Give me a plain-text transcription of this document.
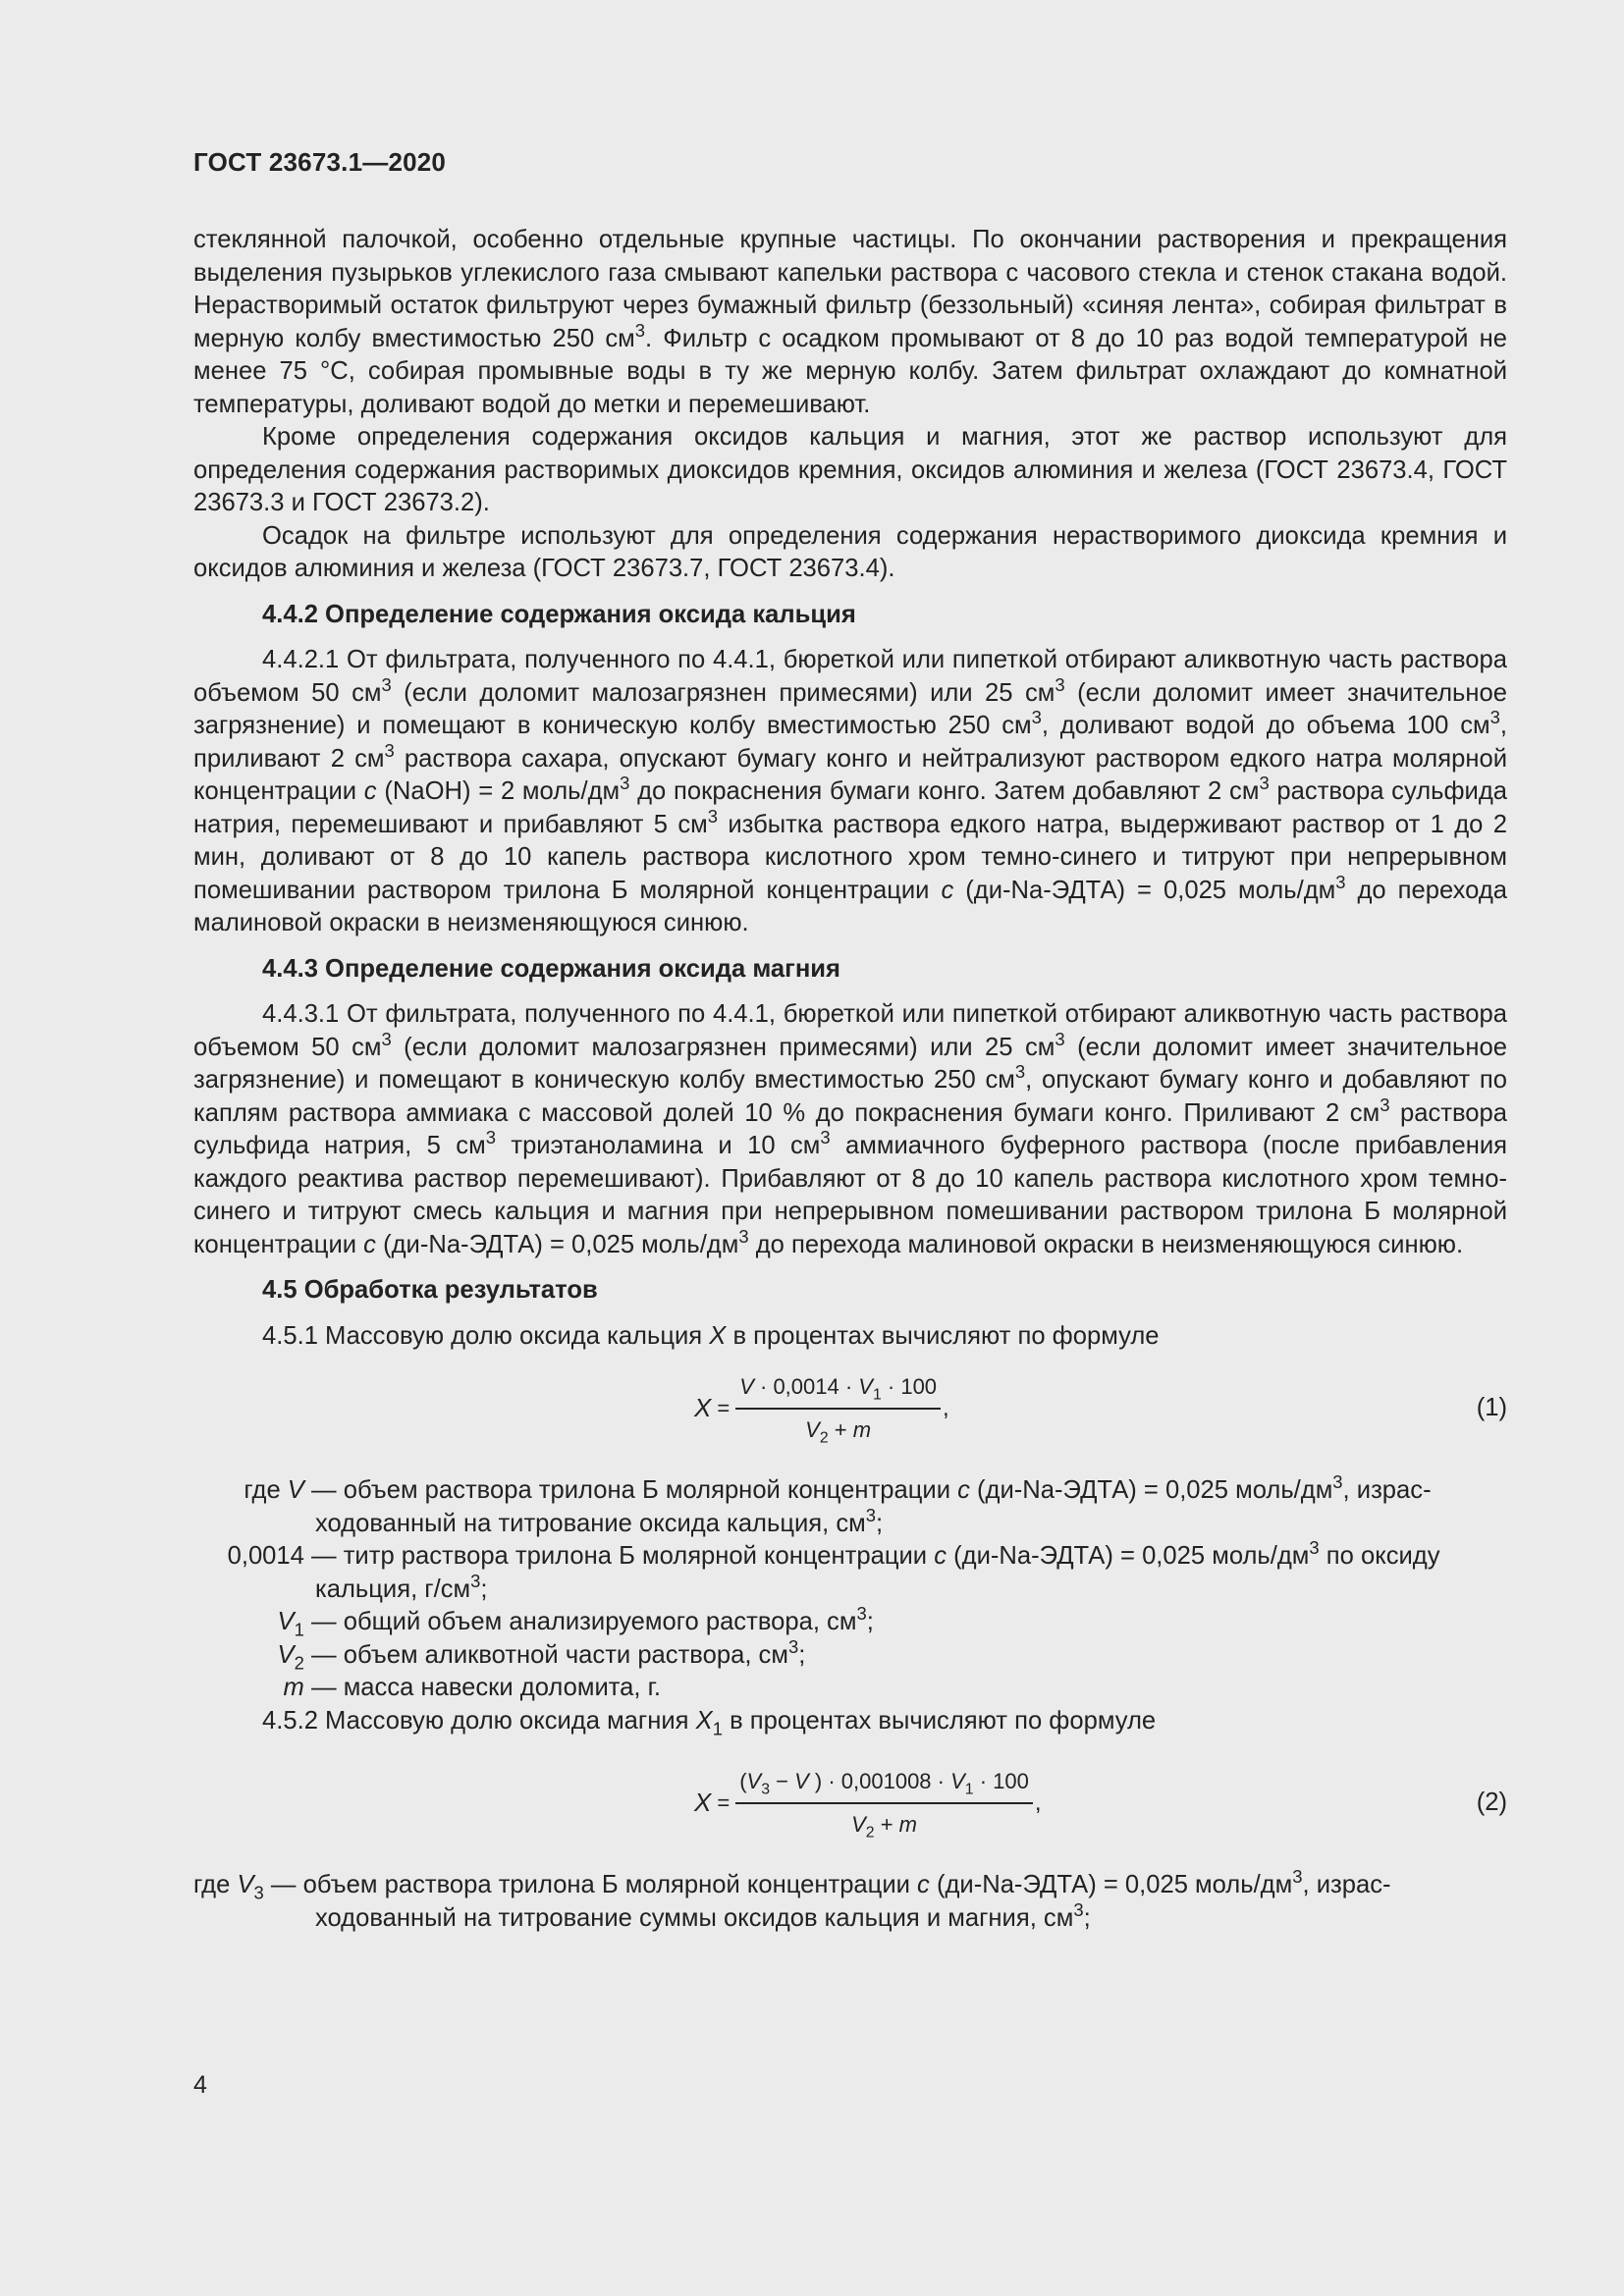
ГОСТ 23673.1—2020

стеклянной палочкой, особенно отдельные крупные частицы. По окончании растворения и прекращения выделения пузырьков углекислого газа смывают капельки раствора с часового стекла и стенок стакана водой. Нерастворимый остаток фильтруют через бумажный фильтр (беззольный) «синяя лента», собирая фильтрат в мерную колбу вместимостью 250 $см^3$. Фильтр с осадком промывают от 8 до 10 раз водой температурой не менее 75 °С, собирая промывные воды в ту же мерную колбу. Затем фильтрат охлаждают до комнатной температуры, доливают водой до метки и перемешивают.

Кроме определения содержания оксидов кальция и магния, этот же раствор используют для определения содержания растворимых диоксидов кремния, оксидов алюминия и железа (ГОСТ 23673.4, ГОСТ 23673.3 и ГОСТ 23673.2).

Осадок на фильтре используют для определения содержания нерастворимого диоксида кремния и оксидов алюминия и железа (ГОСТ 23673.7, ГОСТ 23673.4).

4.4.2 Определение содержания оксида кальция

4.4.2.1 От фильтрата, полученного по 4.4.1, бюреткой или пипеткой отбирают аликвотную часть раствора объемом 50 $см^3$ (если доломит малозагрязнен примесями) или 25 $см^3$ (если доломит имеет значительное загрязнение) и помещают в коническую колбу вместимостью 250 $см^3$, доливают водой до объема 100 $см^3$, приливают 2 $см^3$ раствора сахара, опускают бумагу конго и нейтрализуют раствором едкого натра молярной концентрации с (NaOH) = 2 моль/$дм^3$ до покраснения бумаги конго. Затем добавляют 2 $см^3$ раствора сульфида натрия, перемешивают и прибавляют 5 $см^3$ избытка раствора едкого натра, выдерживают раствор от 1 до 2 мин, доливают от 8 до 10 капель раствора кислотного хром темно-синего и титруют при непрерывном помешивании раствором трилона Б молярной концентрации с (ди-Na-ЭДТА) = 0,025 моль/$дм^3$ до перехода малиновой окраски в неизменяющуюся синюю.

4.4.3 Определение содержания оксида магния

4.4.3.1 От фильтрата, полученного по 4.4.1, бюреткой или пипеткой отбирают аликвотную часть раствора объемом 50 $см^3$ (если доломит малозагрязнен примесями) или 25 $см^3$ (если доломит имеет значительное загрязнение) и помещают в коническую колбу вместимостью 250 $см^3$, опускают бумагу конго и добавляют по каплям раствора аммиака с массовой долей 10 % до покраснения бумаги конго. Приливают 2 $см^3$ раствора сульфида натрия, 5 $см^3$ триэтаноламина и 10 $см^3$ аммиачного буферного раствора (после прибавления каждого реактива раствор перемешивают). Прибавляют от 8 до 10 капель раствора кислотного хром темно-синего и титруют смесь кальция и магния при непрерывном помешивании раствором трилона Б молярной концентрации с (ди-Na-ЭДТА) = 0,025 моль/$дм^3$ до перехода малиновой окраски в неизменяющуюся синюю.

4.5 Обработка результатов

4.5.1 Массовую долю оксида кальция X в процентах вычисляют по формуле

$X = \frac{V \cdot 0,0014 \cdot V_1 \cdot 100}{V_2 + m}$ ,	(1)
где V — объем раствора трилона Б молярной концентрации с (ди-Na-ЭДТА) = 0,025 моль/$дм^3$, израс-

ходованный на титрование оксида кальция, $см^3$;

0,0014 — титр раствора трилона Б молярной концентрации с (ди-Na-ЭДТА) = 0,025 моль/$дм^3$ по оксиду

кальция, $г/см^3$;

$V_1$ — общий объем анализируемого раствора, $см^3$;
$V_2$ — объем аликвотной части раствора, $см^3$;
m — масса навески доломита, г.

4.5.2 Массовую долю оксида магния $X_1$ в процентах вычисляют по формуле

$X = \frac{(V_3 - V ) \cdot 0,001008 \cdot V_1 \cdot 100}{V_2 + m}$ ,	(2)
где $V_3$ — объем раствора трилона Б молярной концентрации с (ди-Na-ЭДТА) = 0,025 моль/$дм^3$, израс-

ходованный на титрование суммы оксидов кальция и магния, $см^3$;

4
